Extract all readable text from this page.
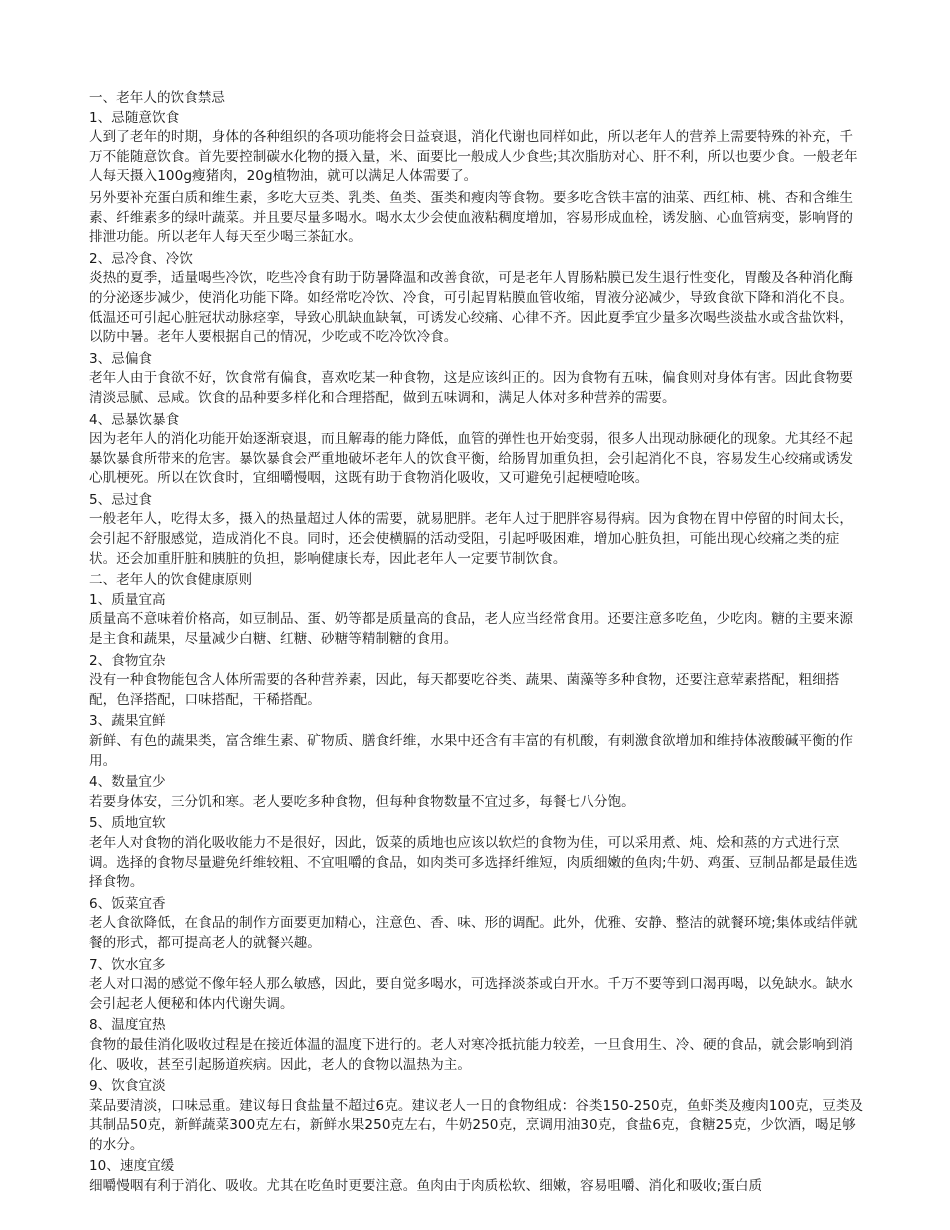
一、老年人的饮食禁忌

1、忌随意饮食

人到了老年的时期，身体的各种组织的各项功能将会日益衰退，消化代谢也同样如此，所以老年人的营养上需要特殊的补充，千万不能随意饮食。首先要控制碳水化物的摄入量，米、面要比一般成人少食些;其次脂肪对心、肝不利，所以也要少食。一般老年人每天摄入100g瘦猪肉，20g植物油，就可以满足人体需要了。

另外要补充蛋白质和维生素，多吃大豆类、乳类、鱼类、蛋类和瘦肉等食物。要多吃含铁丰富的油菜、西红柿、桃、杏和含维生素、纤维素多的绿叶蔬菜。并且要尽量多喝水。喝水太少会使血液粘稠度增加，容易形成血栓，诱发脑、心血管病变，影响肾的排泄功能。所以老年人每天至少喝三茶缸水。

2、忌冷食、冷饮

炎热的夏季，适量喝些冷饮，吃些冷食有助于防暑降温和改善食欲，可是老年人胃肠粘膜已发生退行性变化，胃酸及各种消化酶的分泌逐步减少，使消化功能下降。如经常吃冷饮、冷食，可引起胃粘膜血管收缩，胃液分泌减少，导致食欲下降和消化不良。低温还可引起心脏冠状动脉痉挛，导致心肌缺血缺氧，可诱发心绞痛、心律不齐。因此夏季宜少量多次喝些淡盐水或含盐饮料，以防中暑。老年人要根据自己的情况，少吃或不吃冷饮冷食。

3、忌偏食

老年人由于食欲不好，饮食常有偏食，喜欢吃某一种食物，这是应该纠正的。因为食物有五味，偏食则对身体有害。因此食物要清淡忌腻、忌咸。饮食的品种要多样化和合理搭配，做到五味调和，满足人体对多种营养的需要。

4、忌暴饮暴食

因为老年人的消化功能开始逐渐衰退，而且解毒的能力降低，血管的弹性也开始变弱，很多人出现动脉硬化的现象。尤其经不起暴饮暴食所带来的危害。暴饮暴食会严重地破坏老年人的饮食平衡，给肠胃加重负担，会引起消化不良，容易发生心绞痛或诱发心肌梗死。所以在饮食时，宜细嚼慢咽，这既有助于食物消化吸收，又可避免引起梗噎呛咳。

5、忌过食

一般老年人，吃得太多，摄入的热量超过人体的需要，就易肥胖。老年人过于肥胖容易得病。因为食物在胃中停留的时间太长，会引起不舒服感觉，造成消化不良。同时，还会使横膈的活动受阻，引起呼吸困难，增加心脏负担，可能出现心绞痛之类的症状。还会加重肝脏和胰脏的负担，影响健康长寿，因此老年人一定要节制饮食。

二、老年人的饮食健康原则

1、质量宜高

质量高不意味着价格高，如豆制品、蛋、奶等都是质量高的食品，老人应当经常食用。还要注意多吃鱼，少吃肉。糖的主要来源是主食和蔬果，尽量减少白糖、红糖、砂糖等精制糖的食用。

2、食物宜杂

没有一种食物能包含人体所需要的各种营养素，因此，每天都要吃谷类、蔬果、菌藻等多种食物，还要注意荤素搭配，粗细搭配，色泽搭配，口味搭配，干稀搭配。

3、蔬果宜鲜

新鲜、有色的蔬果类，富含维生素、矿物质、膳食纤维，水果中还含有丰富的有机酸，有刺激食欲增加和维持体液酸碱平衡的作用。

4、数量宜少

若要身体安，三分饥和寒。老人要吃多种食物，但每种食物数量不宜过多，每餐七八分饱。

5、质地宜软

老年人对食物的消化吸收能力不是很好，因此，饭菜的质地也应该以软烂的食物为佳，可以采用煮、炖、烩和蒸的方式进行烹调。选择的食物尽量避免纤维较粗、不宜咀嚼的食品，如肉类可多选择纤维短，肉质细嫩的鱼肉;牛奶、鸡蛋、豆制品都是最佳选择食物。

6、饭菜宜香

老人食欲降低，在食品的制作方面要更加精心，注意色、香、味、形的调配。此外，优雅、安静、整洁的就餐环境;集体或结伴就餐的形式，都可提高老人的就餐兴趣。

7、饮水宜多

老人对口渴的感觉不像年轻人那么敏感，因此，要自觉多喝水，可选择淡茶或白开水。千万不要等到口渴再喝，以免缺水。缺水会引起老人便秘和体内代谢失调。

8、温度宜热

食物的最佳消化吸收过程是在接近体温的温度下进行的。老人对寒冷抵抗能力较差，一旦食用生、冷、硬的食品，就会影响到消化、吸收，甚至引起肠道疾病。因此，老人的食物以温热为主。

9、饮食宜淡

菜品要清淡，口味忌重。建议每日食盐量不超过6克。建议老人一日的食物组成：谷类150-250克，鱼虾类及瘦肉100克，豆类及其制品50克，新鲜蔬菜300克左右，新鲜水果250克左右，牛奶250克，烹调用油30克，食盐6克，食糖25克，少饮酒，喝足够的水分。

10、速度宜缓

细嚼慢咽有利于消化、吸收。尤其在吃鱼时更要注意。鱼肉由于肉质松软、细嫩，容易咀嚼、消化和吸收;蛋白质
